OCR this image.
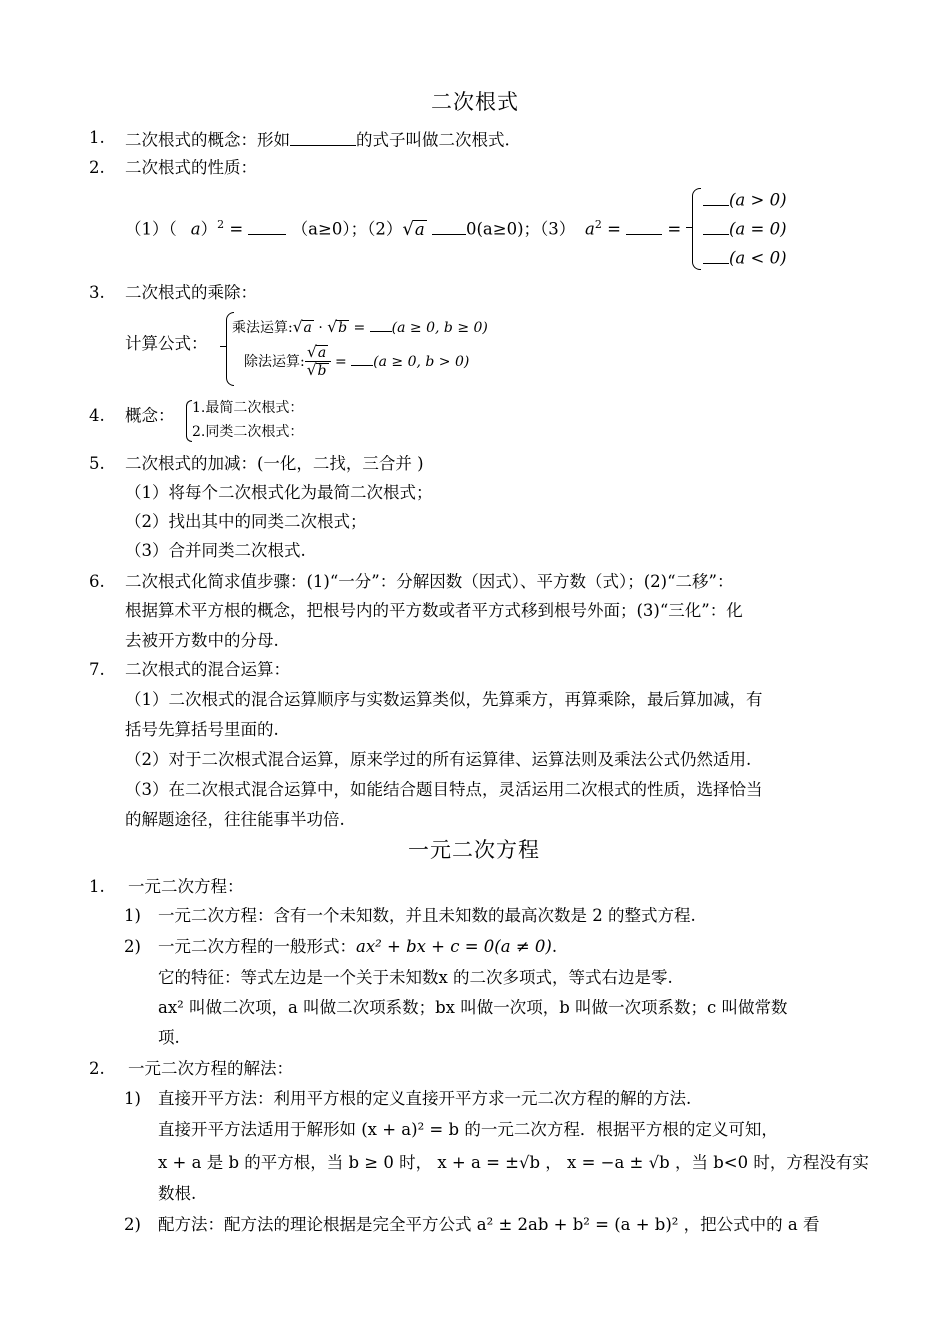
二次根式
1. 二次根式的概念：形如	的式子叫做二次根式.
2. 二次根式的性质：
（1）（ a）$^2$ =	（a≥0）；（2）√a	0(a≥0)；（3） $a^2$ =	=
(a > 0)
(a = 0)
(a < 0)
3. 二次根式的乘除：
计算公式：
乘法运算:√a · √b = (a ≥ 0, b ≥ 0)
除法运算: $\frac{√a}{√b} = (a \ge 0$, b > 0)
4. 概念： 1.最简二次根式：
2.同类二次根式：
5. 二次根式的加减：(一化，二找，三合并 )
（1）将每个二次根式化为最简二次根式；
（2）找出其中的同类二次根式；
（3）合并同类二次根式.
6. 二次根式化简求值步骤：(1)“一分”：分解因数（因式）、平方数（式）；(2)“二移”：
根据算术平方根的概念，把根号内的平方数或者平方式移到根号外面；(3)“三化”：化
去被开方数中的分母.
7. 二次根式的混合运算：
（1）二次根式的混合运算顺序与实数运算类似，先算乘方，再算乘除，最后算加减，有
括号先算括号里面的.
（2）对于二次根式混合运算，原来学过的所有运算律、运算法则及乘法公式仍然适用.
（3）在二次根式混合运算中，如能结合题目特点，灵活运用二次根式的性质，选择恰当
的解题途径，往往能事半功倍.
一元二次方程
1. 一元二次方程：
1) 一元二次方程：含有一个未知数，并且未知数的最高次数是 2 的整式方程.
2) 一元二次方程的一般形式：ax² + bx + c = 0(a ≠ 0).
它的特征：等式左边是一个关于未知数x 的二次多项式，等式右边是零.
ax² 叫做二次项，a 叫做二次项系数；bx 叫做一次项，b 叫做一次项系数；c 叫做常数
项.
2. 一元二次方程的解法：
1) 直接开平方法：利用平方根的定义直接开平方求一元二次方程的解的方法.
直接开平方法适用于解形如 (x + a)² = b 的一元二次方程．根据平方根的定义可知，
x + a 是 b 的平方根，当 b ≥ 0 时， x + a = ±√b ， x = −a ± √b ，当 b<0 时，方程没有实
数根.
2) 配方法：配方法的理论根据是完全平方公式 a² ± 2ab + b² = (a + b)² ，把公式中的 a 看
